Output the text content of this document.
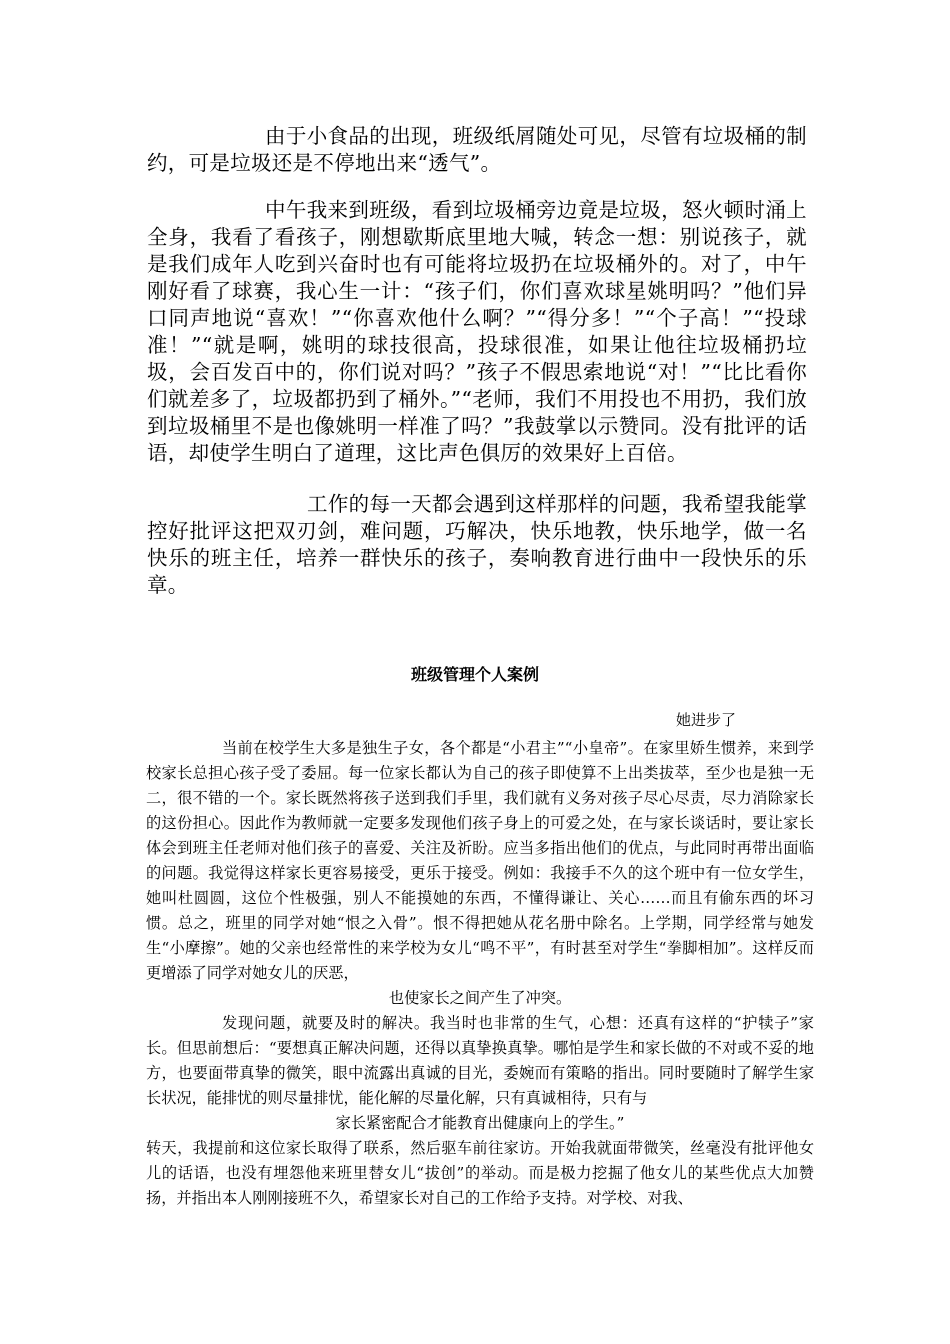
由于小食品的出现，班级纸屑随处可见，尽管有垃圾桶的制约，可是垃圾还是不停地出来“透气”。

中午我来到班级，看到垃圾桶旁边竟是垃圾，怒火顿时涌上全身，我看了看孩子，刚想歇斯底里地大喊，转念一想：别说孩子，就是我们成年人吃到兴奋时也有可能将垃圾扔在垃圾桶外的。对了，中午刚好看了球赛，我心生一计：“孩子们，你们喜欢球星姚明吗？”他们异口同声地说“喜欢！”“你喜欢他什么啊？”“得分多！”“个子高！”“投球准！”“就是啊，姚明的球技很高，投球很准，如果让他往垃圾桶扔垃圾，会百发百中的，你们说对吗？”孩子不假思索地说“对！”“比比看你们就差多了，垃圾都扔到了桶外。”“老师，我们不用投也不用扔，我们放到垃圾桶里不是也像姚明一样准了吗？”我鼓掌以示赞同。没有批评的话语，却使学生明白了道理，这比声色俱厉的效果好上百倍。

工作的每一天都会遇到这样那样的问题，我希望我能掌控好批评这把双刃剑，难问题，巧解决，快乐地教，快乐地学，做一名快乐的班主任，培养一群快乐的孩子，奏响教育进行曲中一段快乐的乐章。

班级管理个人案例
她进步了

当前在校学生大多是独生子女，各个都是“小君主”“小皇帝”。在家里娇生惯养，来到学校家长总担心孩子受了委屈。每一位家长都认为自己的孩子即使算不上出类拔萃，至少也是独一无二，很不错的一个。家长既然将孩子送到我们手里，我们就有义务对孩子尽心尽责，尽力消除家长的这份担心。因此作为教师就一定要多发现他们孩子身上的可爱之处，在与家长谈话时，要让家长体会到班主任老师对他们孩子的喜爱、关注及祈盼。应当多指出他们的优点，与此同时再带出面临的问题。我觉得这样家长更容易接受，更乐于接受。例如：我接手不久的这个班中有一位女学生，她叫杜圆圆，这位个性极强，别人不能摸她的东西，不懂得谦让、关心……而且有偷东西的坏习惯。总之，班里的同学对她“恨之入骨”。恨不得把她从花名册中除名。上学期，同学经常与她发生“小摩擦”。她的父亲也经常性的来学校为女儿“鸣不平”，有时甚至对学生“拳脚相加”。这样反而更增添了同学对她女儿的厌恶，

也使家长之间产生了冲突。

发现问题，就要及时的解决。我当时也非常的生气，心想：还真有这样的“护犊子”家长。但思前想后：“要想真正解决问题，还得以真挚换真挚。哪怕是学生和家长做的不对或不妥的地方，也要面带真挚的微笑，眼中流露出真诚的目光，委婉而有策略的指出。同时要随时了解学生家长状况，能排忧的则尽量排忧，能化解的尽量化解，只有真诚相待，只有与

家长紧密配合才能教育出健康向上的学生。”

转天，我提前和这位家长取得了联系，然后驱车前往家访。开始我就面带微笑，丝毫没有批评他女儿的话语，也没有埋怨他来班里替女儿“拔创”的举动。而是极力挖掘了他女儿的某些优点大加赞扬，并指出本人刚刚接班不久，希望家长对自己的工作给予支持。对学校、对我、
